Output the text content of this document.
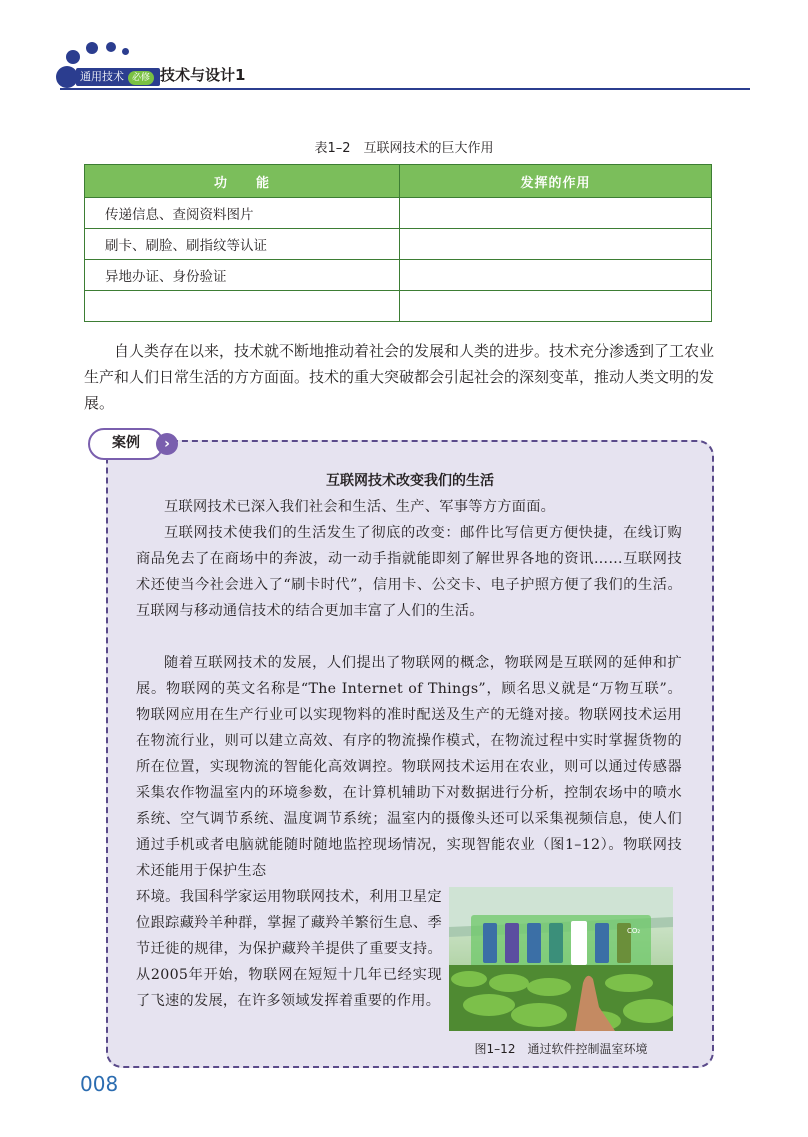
通用技术 必修 技术与设计1
表1–2　互联网技术的巨大作用
功　　能	发挥的作用
传递信息、查阅资料图片	
刷卡、刷脸、刷指纹等认证	
异地办证、身份验证	

自人类存在以来，技术就不断地推动着社会的发展和人类的进步。技术充分渗透到了工农业生产和人们日常生活的方方面面。技术的重大突破都会引起社会的深刻变革，推动人类文明的发展。
案例	›
互联网技术改变我们的生活
互联网技术已深入我们社会和生活、生产、军事等方方面面。
互联网技术使我们的生活发生了彻底的改变：邮件比写信更方便快捷，在线订购商品免去了在商场中的奔波，动一动手指就能即刻了解世界各地的资讯……互联网技术还使当今社会进入了“刷卡时代”，信用卡、公交卡、电子护照方便了我们的生活。互联网与移动通信技术的结合更加丰富了人们的生活。
随着互联网技术的发展，人们提出了物联网的概念，物联网是互联网的延伸和扩展。物联网的英文名称是“The Internet of Things”，顾名思义就是“万物互联”。物联网应用在生产行业可以实现物料的准时配送及生产的无缝对接。物联网技术运用在物流行业，则可以建立高效、有序的物流操作模式，在物流过程中实时掌握货物的所在位置，实现物流的智能化高效调控。物联网技术运用在农业，则可以通过传感器采集农作物温室内的环境参数，在计算机辅助下对数据进行分析，控制农场中的喷水系统、空气调节系统、温度调节系统；温室内的摄像头还可以采集视频信息，使人们通过手机或者电脑就能随时随地监控现场情况，实现智能农业（图1–12）。物联网技术还能用于保护生态
环境。我国科学家运用物联网技术，利用卫星定位跟踪藏羚羊种群，掌握了藏羚羊繁衍生息、季节迁徙的规律，为保护藏羚羊提供了重要支持。从2005年开始，物联网在短短十几年已经实现了飞速的发展，在许多领域发挥着重要的作用。
CO₂
图1–12　通过软件控制温室环境
008
